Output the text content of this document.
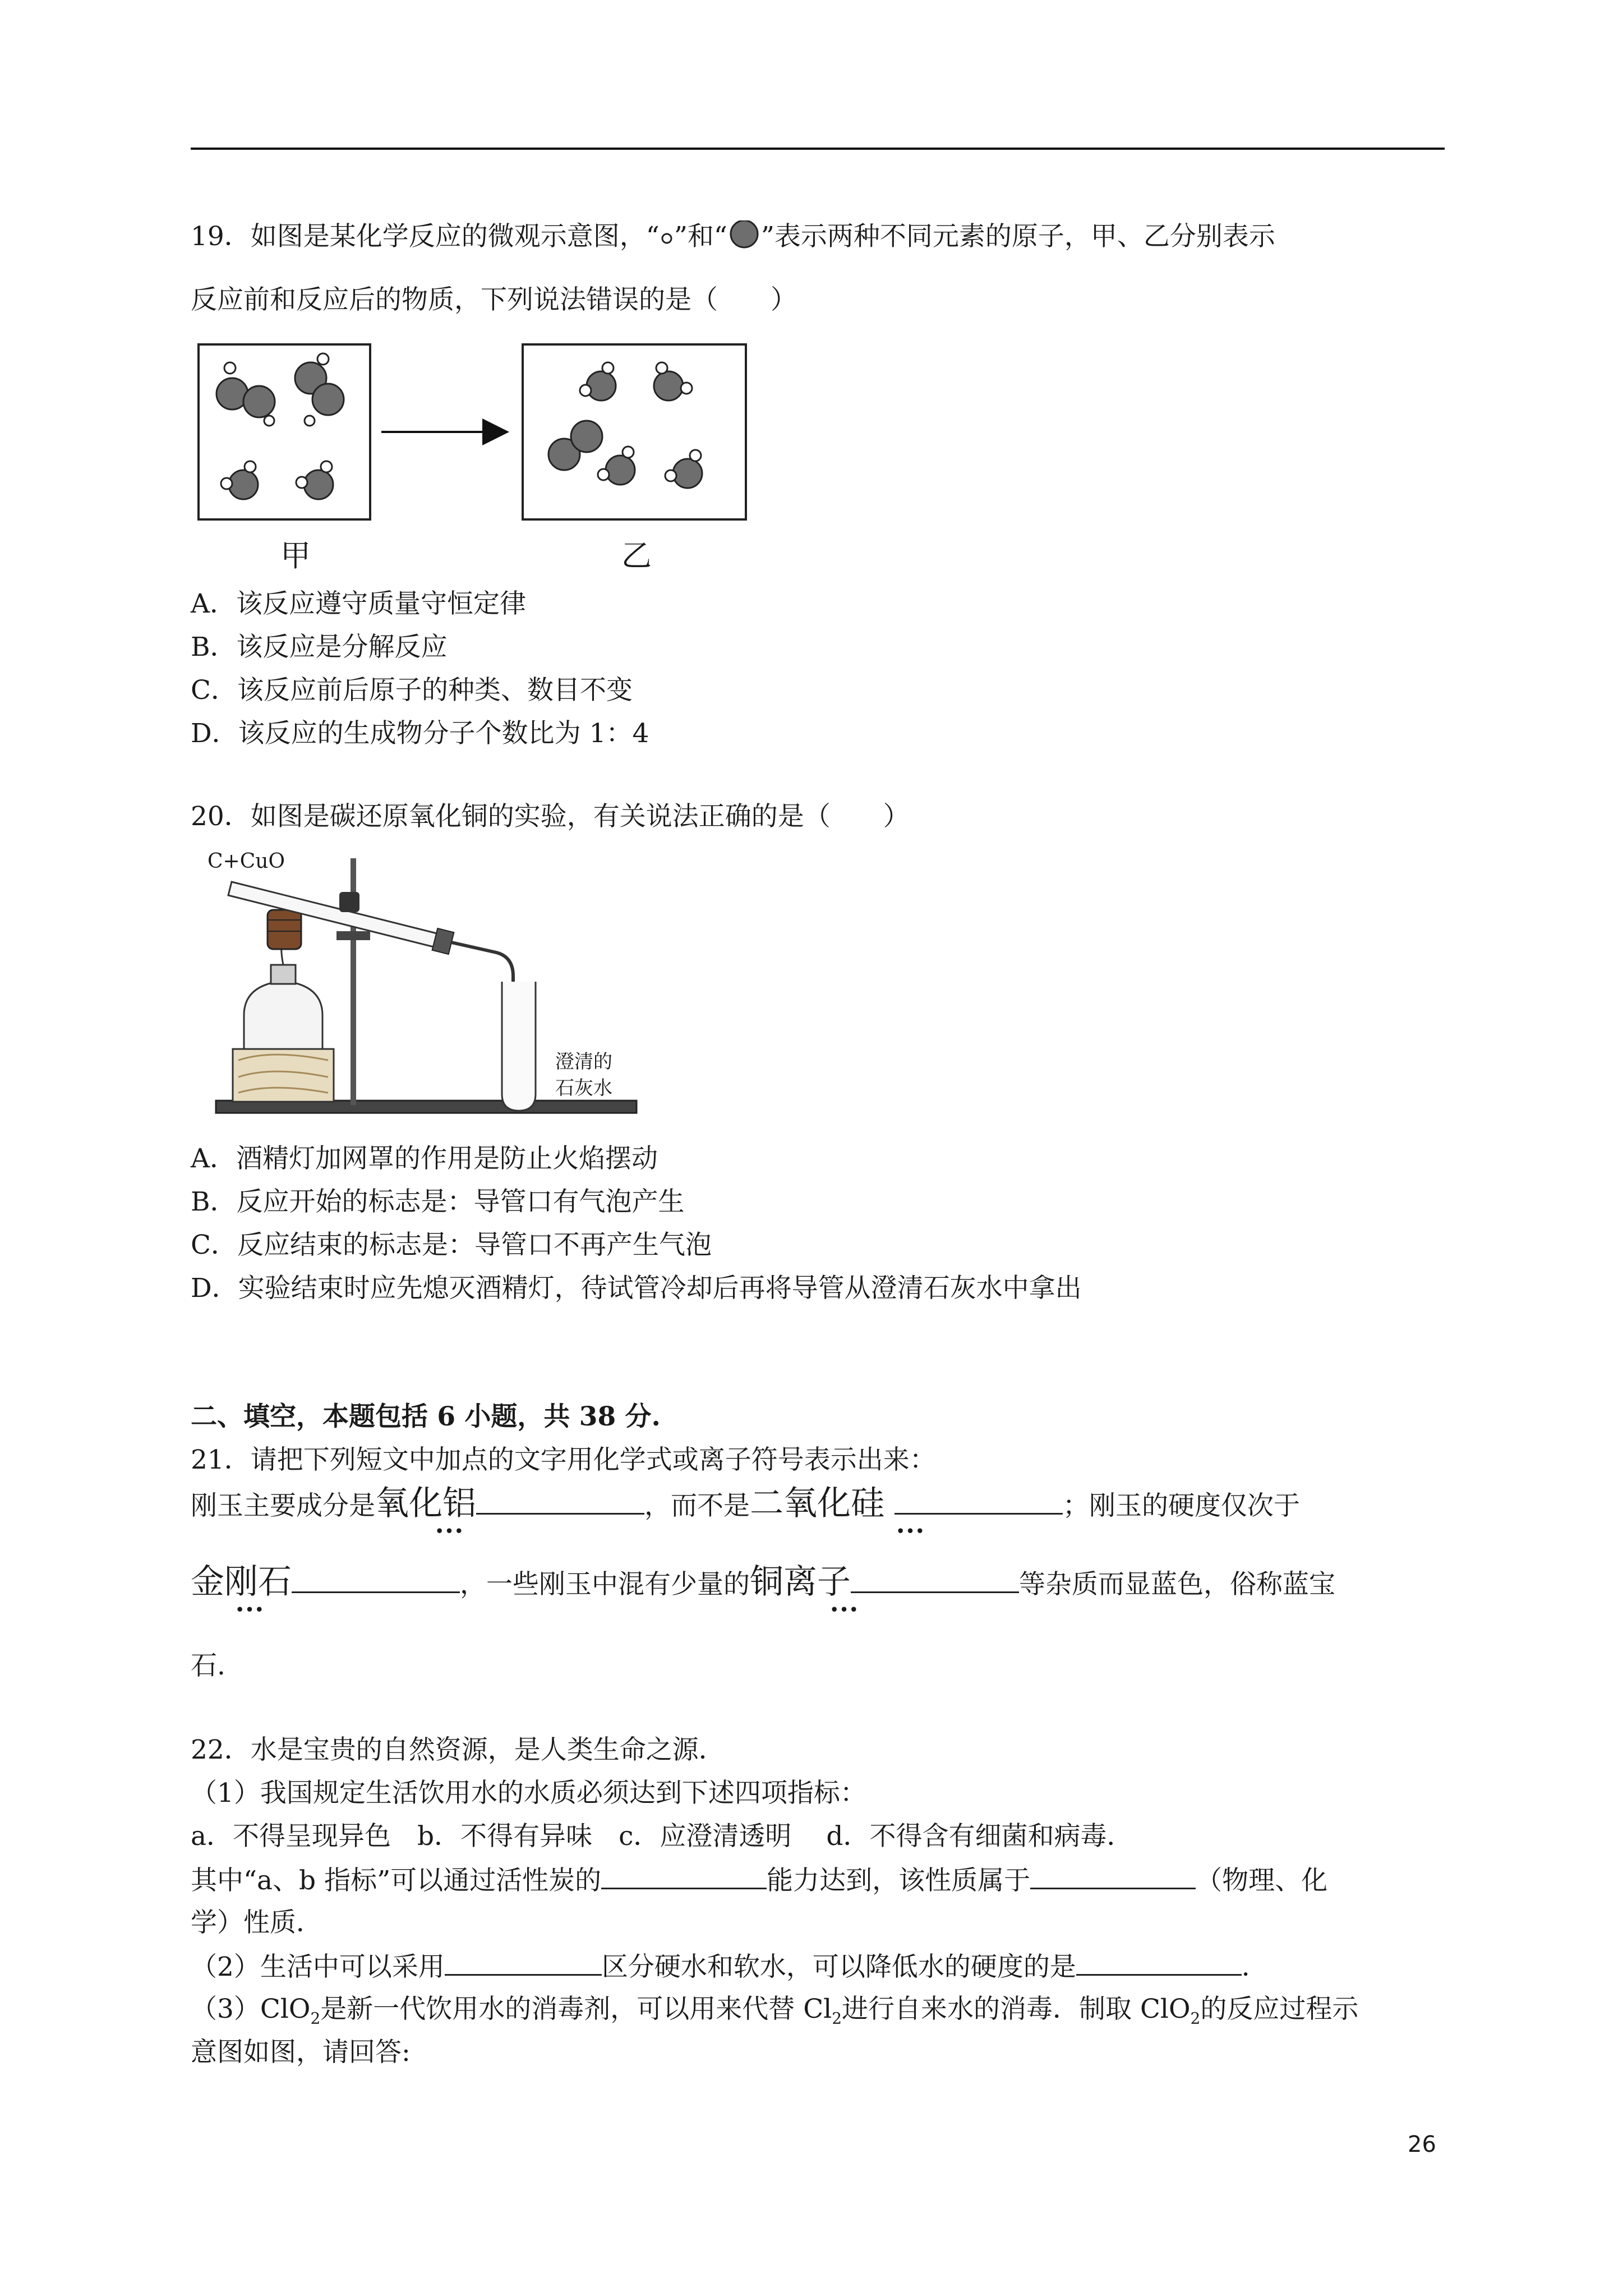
19．如图是某化学反应的微观示意图，“ ”和“ ”表示两种不同元素的原子，甲、乙分别表示
反应前和反应后的物质，下列说法错误的是（　　）
甲	乙
A．该反应遵守质量守恒定律
B．该反应是分解反应
C．该反应前后原子的种类、数目不变
D．该反应的生成物分子个数比为 1：4
20．如图是碳还原氧化铜的实验，有关说法正确的是（　　）
C+CuO
澄清的
石灰水
A．酒精灯加网罩的作用是防止火焰摆动
B．反应开始的标志是：导管口有气泡产生
C．反应结束的标志是：导管口不再产生气泡
D．实验结束时应先熄灭酒精灯，待试管冷却后再将导管从澄清石灰水中拿出
二、填空，本题包括 6 小题，共 38 分.
21．请把下列短文中加点的文字用化学式或离子符号表示出来：
刚玉主要成分是氧化铝	，而不是二氧化硅	；刚玉的硬度仅次于
•••	•••
金刚石	，一些刚玉中混有少量的铜离子	等杂质而显蓝色，俗称蓝宝
•••	•••
石.
22．水是宝贵的自然资源，是人类生命之源．
（1）我国规定生活饮用水的水质必须达到下述四项指标：
a．不得呈现异色　b．不得有异味　c．应澄清透明　 d．不得含有细菌和病毒．
其中“a、b 指标”可以通过活性炭的	能力达到，该性质属于	（物理、化
学）性质．
（2）生活中可以采用	区分硬水和软水，可以降低水的硬度的是	．
（3）ClO$_2$是新一代饮用水的消毒剂，可以用来代替 $Cl_2$进行自来水的消毒．制取 ClO$_2$的反应过程示
意图如图，请回答:
26
